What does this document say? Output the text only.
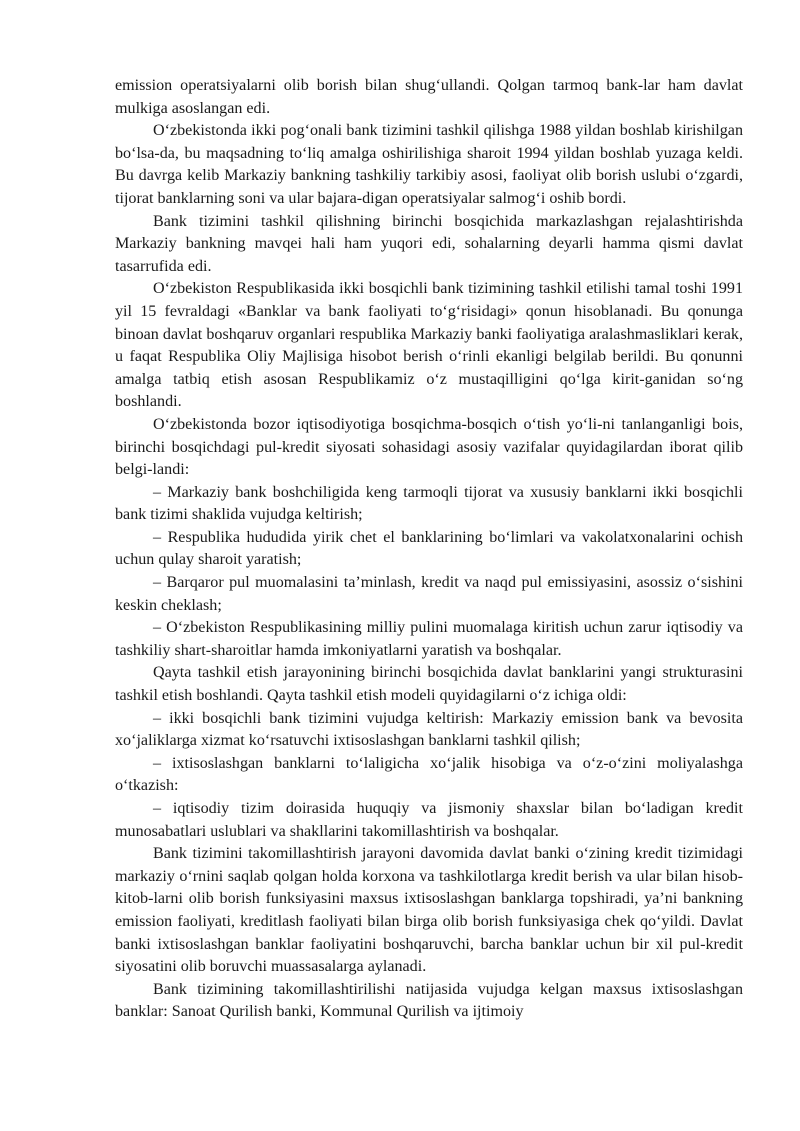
emission operatsiyalarni olib borish bilan shug‘ullandi. Qolgan tarmoq bank-lar ham davlat mulkiga asoslangan edi.

O‘zbekistonda ikki pog‘onali bank tizimini tashkil qilishga 1988 yildan boshlab kirishilgan bo‘lsa-da, bu maqsadning to‘liq amalga oshirilishiga sharoit 1994 yildan boshlab yuzaga keldi. Bu davrga kelib Markaziy bankning tashkiliy tarkibiy asosi, faoliyat olib borish uslubi o‘zgardi, tijorat banklarning soni va ular bajara-digan operatsiyalar salmog‘i oshib bordi.

Bank tizimini tashkil qilishning birinchi bosqichida markazlashgan rejalashtirishda Markaziy bankning mavqei hali ham yuqori edi, sohalarning deyarli hamma qismi davlat tasarrufida edi.

O‘zbekiston Respublikasida ikki bosqichli bank tizimining tashkil etilishi tamal toshi 1991 yil 15 fevraldagi «Banklar va bank faoliyati to‘g‘risidagi» qonun hisoblanadi. Bu qonunga binoan davlat boshqaruv organlari respublika Markaziy banki faoliyatiga aralashmasliklari kerak, u faqat Respublika Oliy Majlisiga hisobot berish o‘rinli ekanligi belgilab berildi. Bu qonunni amalga tatbiq etish asosan Respublikamiz o‘z mustaqilligini qo‘lga kirit-ganidan so‘ng boshlandi.

O‘zbekistonda bozor iqtisodiyotiga bosqichma-bosqich o‘tish yo‘li-ni tanlanganligi bois, birinchi bosqichdagi pul-kredit siyosati sohasidagi asosiy vazifalar quyidagilardan iborat qilib belgi-landi:

– Markaziy bank boshchiligida keng tarmoqli tijorat va xususiy banklarni ikki bosqichli bank tizimi shaklida vujudga keltirish;

– Respublika hududida yirik chet el banklarining bo‘limlari va vakolatxonalarini ochish uchun qulay sharoit yaratish;

– Barqaror pul muomalasini ta’minlash, kredit va naqd pul emissiyasini, asossiz o‘sishini keskin cheklash;

– O‘zbekiston Respublikasining milliy pulini muomalaga kiritish uchun zarur iqtisodiy va tashkiliy shart-sharoitlar hamda imkoniyatlarni yaratish va boshqalar.

Qayta tashkil etish jarayonining birinchi bosqichida davlat banklarini yangi strukturasini tashkil etish boshlandi. Qayta tashkil etish modeli quyidagilarni o‘z ichiga oldi:

– ikki bosqichli bank tizimini vujudga keltirish: Markaziy emission bank va bevosita xo‘jaliklarga xizmat ko‘rsatuvchi ixtisoslashgan banklarni tashkil qilish;

– ixtisoslashgan banklarni to‘laligicha xo‘jalik hisobiga va o‘z-o‘zini moliyalashga o‘tkazish:

– iqtisodiy tizim doirasida huquqiy va jismoniy shaxslar bilan bo‘ladigan kredit munosabatlari uslublari va shakllarini takomillashtirish va boshqalar.

Bank tizimini takomillashtirish jarayoni davomida davlat banki o‘zining kredit tizimidagi markaziy o‘rnini saqlab qolgan holda korxona va tashkilotlarga kredit berish va ular bilan hisob-kitob-larni olib borish funksiyasini maxsus ixtisoslashgan banklarga topshiradi, ya’ni bankning emission faoliyati, kreditlash faoliyati bilan birga olib borish funksiyasiga chek qo‘yildi. Davlat banki ixtisoslashgan banklar faoliyatini boshqaruvchi, barcha banklar uchun bir xil pul-kredit siyosatini olib boruvchi muassasalarga aylanadi.

Bank tizimining takomillashtirilishi natijasida vujudga kelgan maxsus ixtisoslashgan banklar: Sanoat Qurilish banki, Kommunal Qurilish va ijtimoiy
